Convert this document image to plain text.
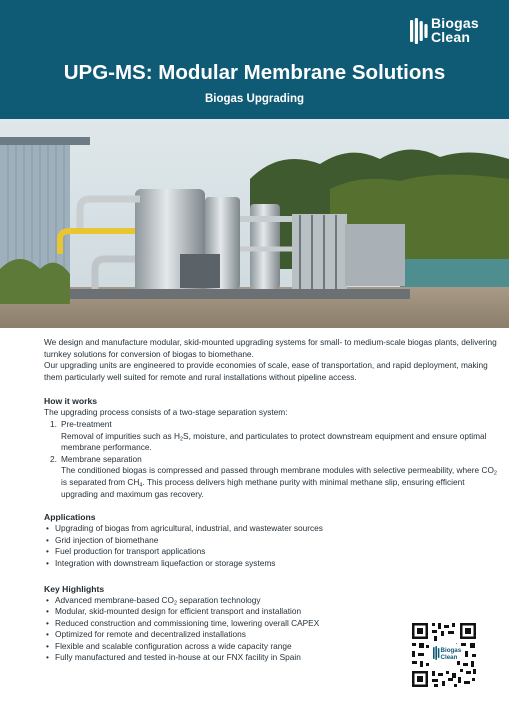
Biogas
Clean
UPG-MS: Modular Membrane Solutions
Biogas Upgrading

We design and manufacture modular, skid-mounted upgrading systems for small- to medium-scale biogas plants, delivering turnkey solutions for conversion of biogas to biomethane.

Our upgrading units are engineered to provide economies of scale, ease of transportation, and rapid deployment, making them particularly well suited for remote and rural installations without pipeline access.

How it works

The upgrading process consists of a two-stage separation system:

1. Pre-treatment
Removal of impurities such as $H_2S$, moisture, and particulates to protect downstream equipment and ensure optimal membrane performance.
2. Membrane separation
The conditioned biogas is compressed and passed through membrane modules with selective permeability, where $CO_2$ is separated from $CH_4$. This process delivers high methane purity with minimal methane slip, ensuring efficient upgrading and maximum gas recovery.
Applications
• Upgrading of biogas from agricultural, industrial, and wastewater sources
• Grid injection of biomethane
• Fuel production for transport applications
• Integration with downstream liquefaction or storage systems
Key Highlights
• Advanced membrane-based $CO_2$ separation technology
• Modular, skid-mounted design for efficient transport and installation
• Reduced construction and commissioning time, lowering overall CAPEX
• Optimized for remote and decentralized installations
• Flexible and scalable configuration across a wide capacity range
• Fully manufactured and tested in-house at our FNX facility in Spain
Biogas
Clean
